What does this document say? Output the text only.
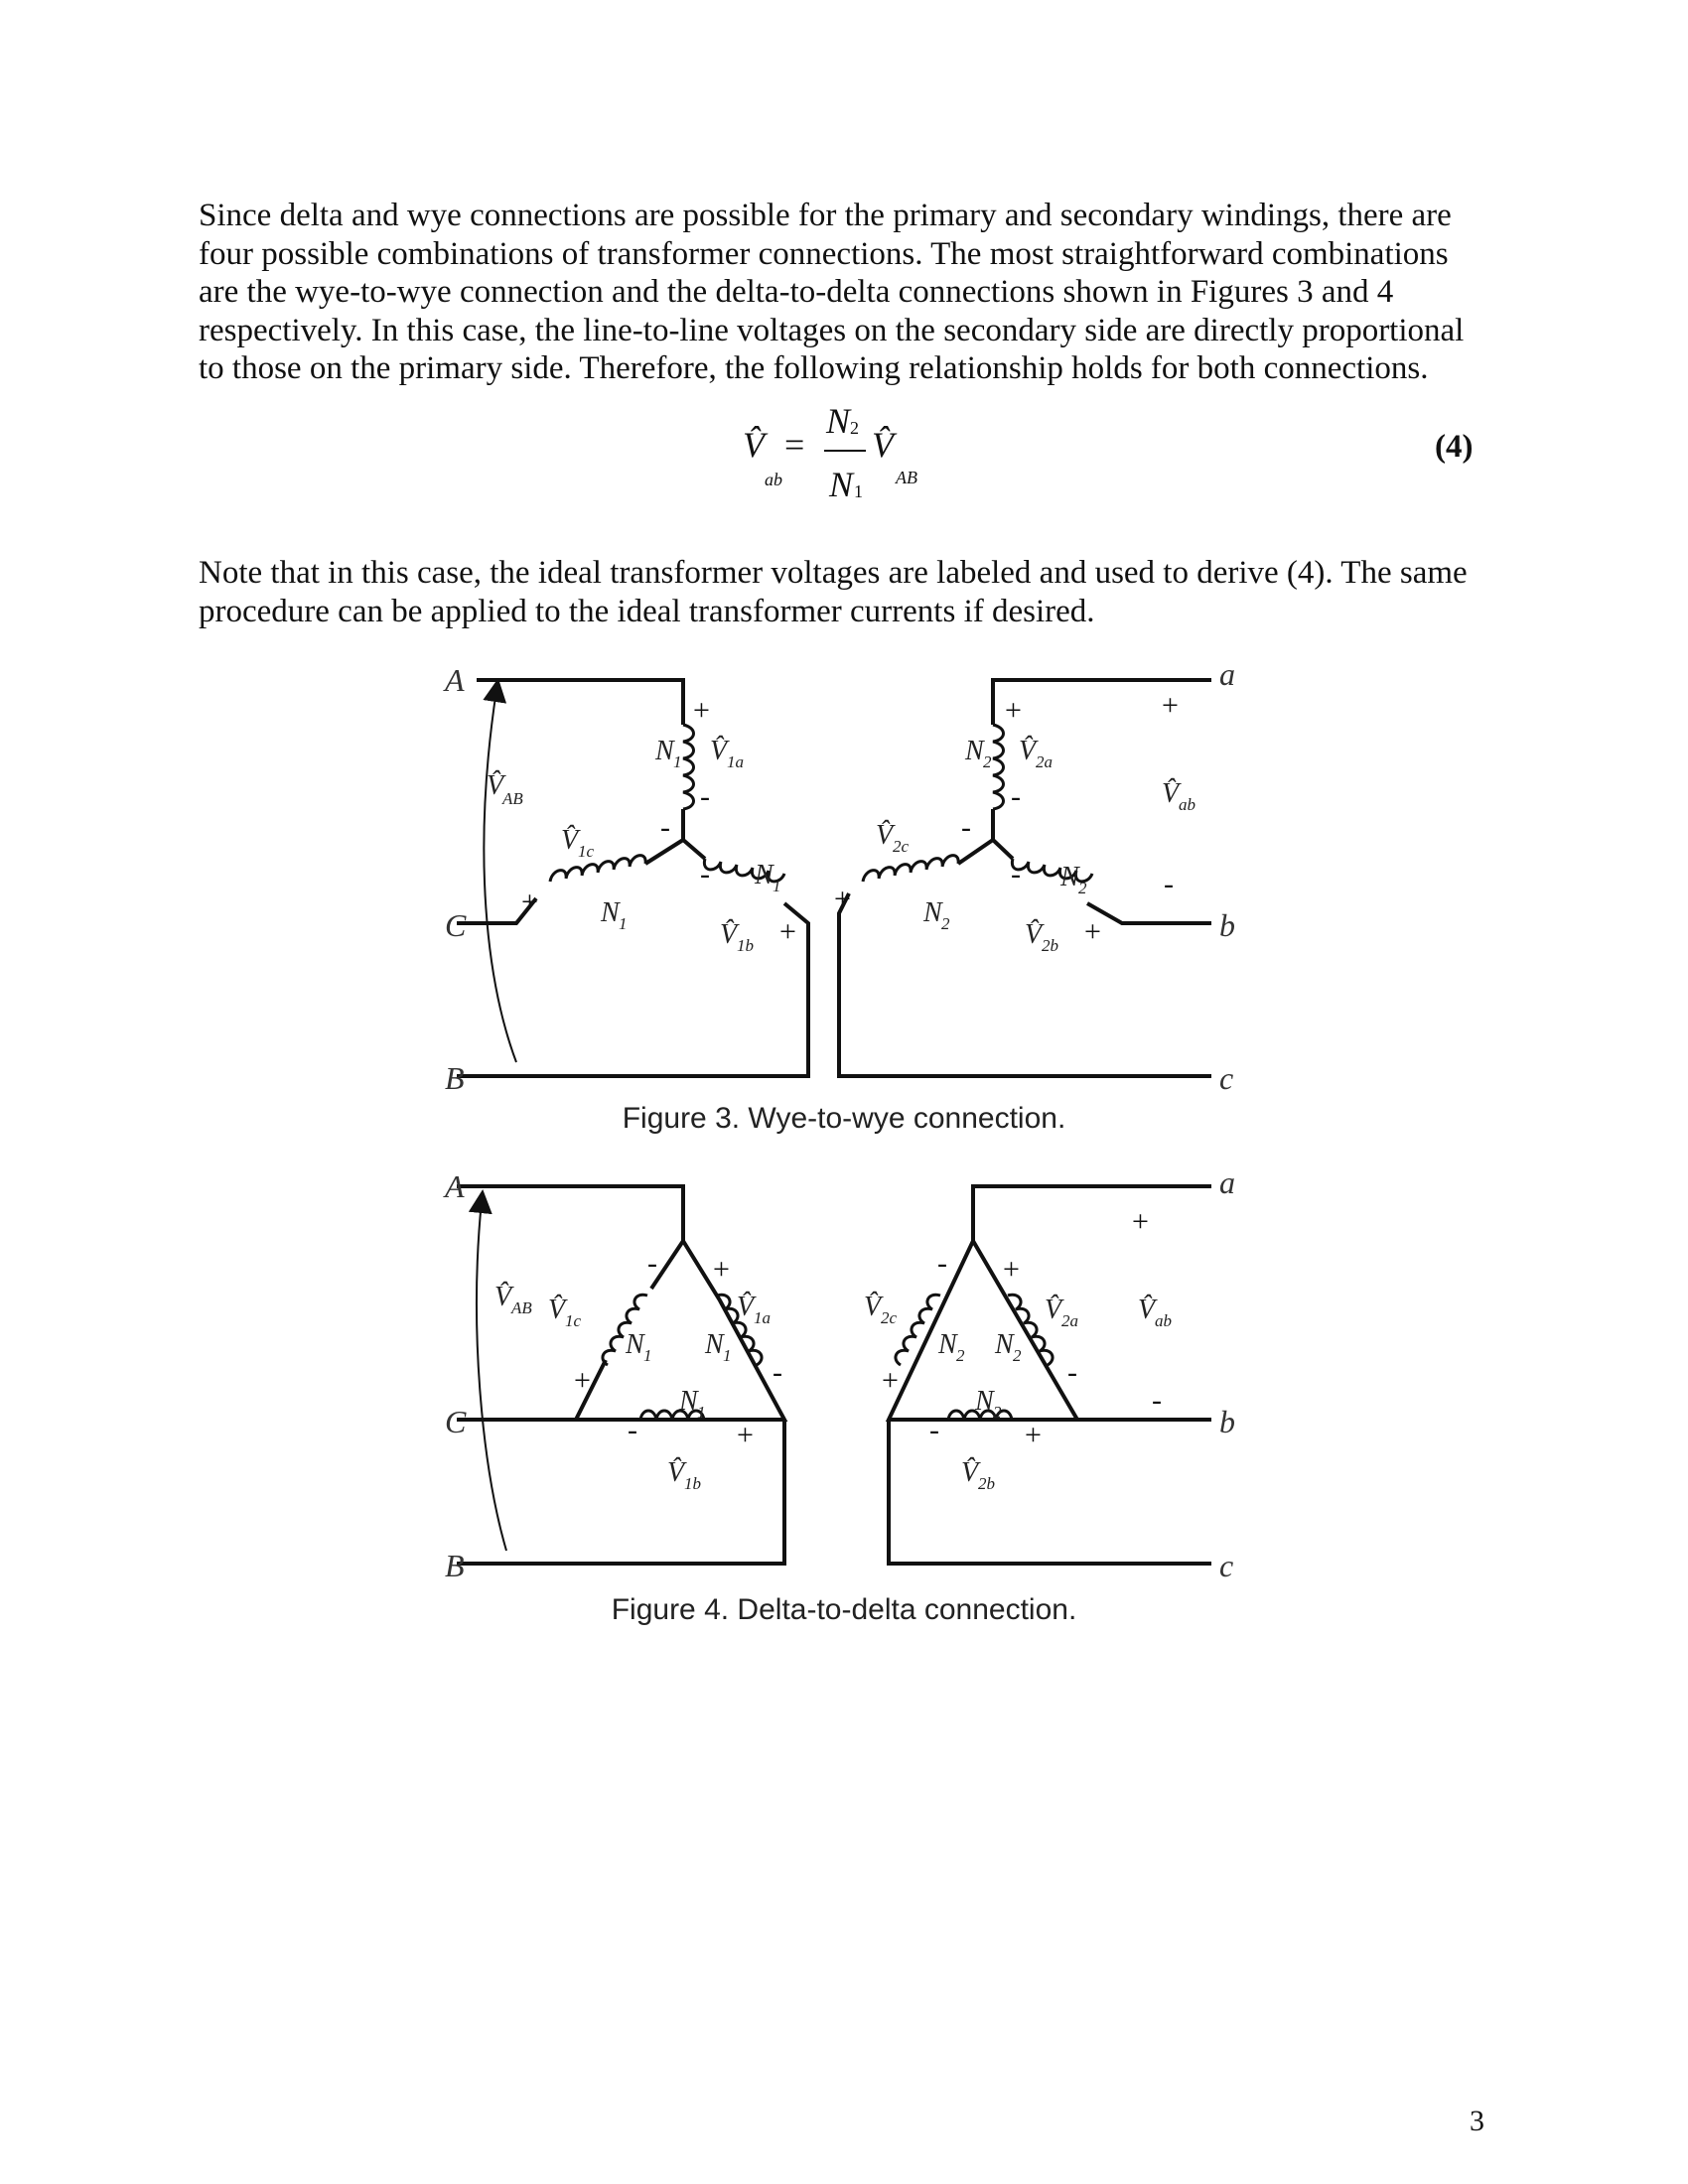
Since delta and wye connections are possible for the primary and secondary windings, there are

four possible combinations of transformer connections. The most straightforward combinations

are the wye-to-wye connection and the delta-to-delta connections shown in Figures 3 and 4

respectively. In this case, the line-to-line voltages on the secondary side are directly proportional

to those on the primary side. Therefore, the following relationship holds for both connections.

V̂
ab
=
N 2
N 1
V̂
AB
(4)

Note that in this case, the ideal transformer voltages are labeled and used to derive (4). The same

procedure can be applied to the ideal transformer currents if desired.

A
C
B
a
b
c
V̂
AB
V̂ 1a
V̂ 1c
V̂ 1b
N 1
N 1
N 1
+
-
-
+
-
+
V̂ 2a
V̂ 2c
V̂ 2b
V̂ ab
N 2
N 2
N 2
+
-
-
+
-
+
+
-
Figure 3. Wye-to-wye connection.
A
C
B
a
b
c
V̂ AB V̂ 1c	V̂ 1a
V̂ 1b
N 1 N 1
N 1
- +
+	-
-	+
V̂ 2c	V̂ 2a
V̂ 2b
V̂ ab
N 2 N 2
N 2
- +
+	-
-	+
+
-
Figure 4. Delta-to-delta connection.
3
